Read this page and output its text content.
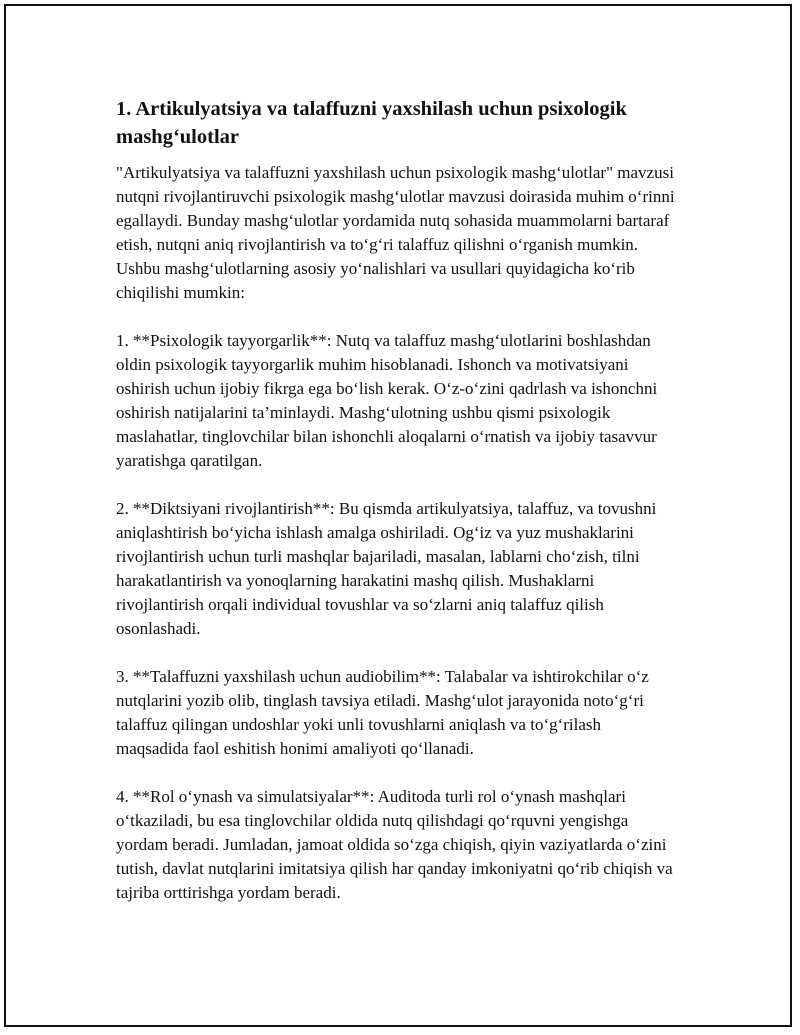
1. Artikulyatsiya va talaffuzni yaxshilash uchun psixologik mashg‘ulotlar

"Artikulyatsiya va talaffuzni yaxshilash uchun psixologik mashg‘ulotlar" mavzusi nutqni rivojlantiruvchi psixologik mashg‘ulotlar mavzusi doirasida muhim o‘rinni egallaydi. Bunday mashg‘ulotlar yordamida nutq sohasida muammolarni bartaraf etish, nutqni aniq rivojlantirish va to‘g‘ri talaffuz qilishni o‘rganish mumkin. Ushbu mashg‘ulotlarning asosiy yo‘nalishlari va usullari quyidagicha ko‘rib chiqilishi mumkin:

1. **Psixologik tayyorgarlik**: Nutq va talaffuz mashg‘ulotlarini boshlashdan oldin psixologik tayyorgarlik muhim hisoblanadi. Ishonch va motivatsiyani oshirish uchun ijobiy fikrga ega bo‘lish kerak. O‘z-o‘zini qadrlash va ishonchni oshirish natijalarini ta’minlaydi. Mashg‘ulotning ushbu qismi psixologik maslahatlar, tinglovchilar bilan ishonchli aloqalarni o‘rnatish va ijobiy tasavvur yaratishga qaratilgan.

2. **Diktsiyani rivojlantirish**: Bu qismda artikulyatsiya, talaffuz, va tovushni aniqlashtirish bo‘yicha ishlash amalga oshiriladi. Og‘iz va yuz mushaklarini rivojlantirish uchun turli mashqlar bajariladi, masalan, lablarni cho‘zish, tilni harakatlantirish va yonoqlarning harakatini mashq qilish. Mushaklarni rivojlantirish orqali individual tovushlar va so‘zlarni aniq talaffuz qilish osonlashadi.

3. **Talaffuzni yaxshilash uchun audiobilim**: Talabalar va ishtirokchilar o‘z nutqlarini yozib olib, tinglash tavsiya etiladi. Mashg‘ulot jarayonida noto‘g‘ri talaffuz qilingan undoshlar yoki unli tovushlarni aniqlash va to‘g‘rilash maqsadida faol eshitish honimi amaliyoti qo‘llanadi.

4. **Rol o‘ynash va simulatsiyalar**: Auditoda turli rol o‘ynash mashqlari o‘tkaziladi, bu esa tinglovchilar oldida nutq qilishdagi qo‘rquvni yengishga yordam beradi. Jumladan, jamoat oldida so‘zga chiqish, qiyin vaziyatlarda o‘zini tutish, davlat nutqlarini imitatsiya qilish har qanday imkoniyatni qo‘rib chiqish va tajriba orttirishga yordam beradi.
